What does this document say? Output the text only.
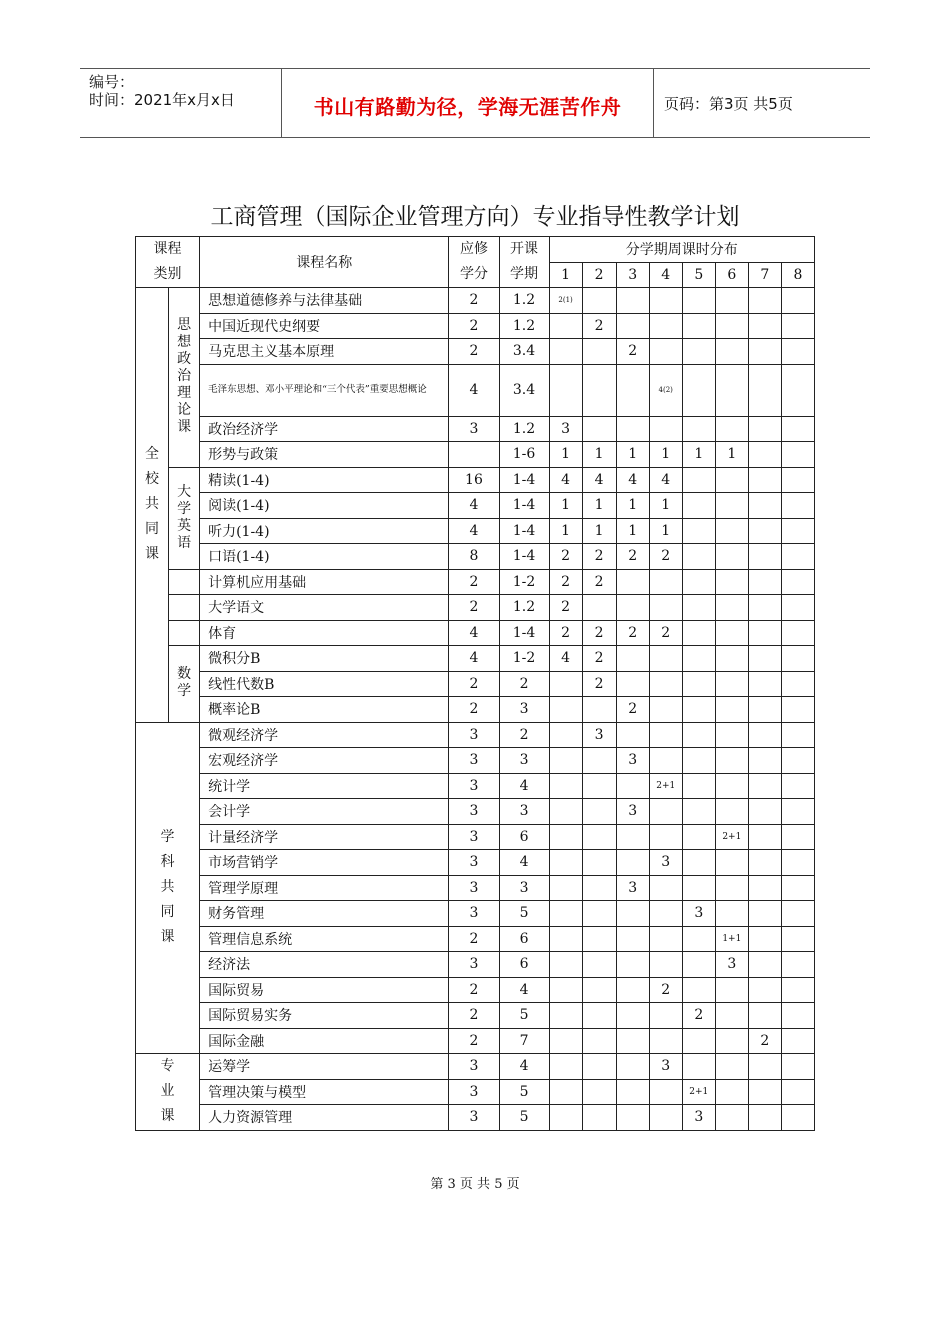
编号：
时间：2021年x月x日	书山有路勤为径，学海无涯苦作舟	页码：第3页 共5页
工商管理（国际企业管理方向）专业指导性教学计划
课程类别		课程名称	应修学分	开课学期	分学期周课时分布							
					1	2	3	4	5	6	7	8
全校共同课	思想政治理论课	思想道德修养与法律基础	2	1.2	2(1)							
		中国近现代史纲要	2	1.2		2						
		马克思主义基本原理	2	3.4			2					

		毛泽东思想、邓小平理论和“三个代表”重要思想概论	4	3.4				4(2)				
		政治经济学	3	1.2	3							
		形势与政策		1-6	1	1	1	1	1	1		
	大学英语	精读(1-4)	16	1-4	4	4	4	4				
		阅读(1-4)	4	1-4	1	1	1	1				
		听力(1-4)	4	1-4	1	1	1	1				
		口语(1-4)	8	1-4	2	2	2	2				
		计算机应用基础	2	1-2	2	2						
		大学语文	2	1.2	2							
		体育	4	1-4	2	2	2	2				
	数学	微积分B	4	1-2	4	2						
		线性代数B	2	2		2						
		概率论B	2	3			2					
学科共同课		微观经济学	3	2		3						
		宏观经济学	3	3			3					
		统计学	3	4				2+1				
		会计学	3	3			3					
		计量经济学	3	6						2+1		
		市场营销学	3	4				3				
		管理学原理	3	3			3					
		财务管理	3	5					3			
		管理信息系统	2	6						1+1		
		经济法	3	6						3		
		国际贸易	2	4				2				
		国际贸易实务	2	5					2			
		国际金融	2	7							2	
专业课		运筹学	3	4				3				
		管理决策与模型	3	5					2+1			
		人力资源管理	3	5					3			
第 3 页 共 5 页
